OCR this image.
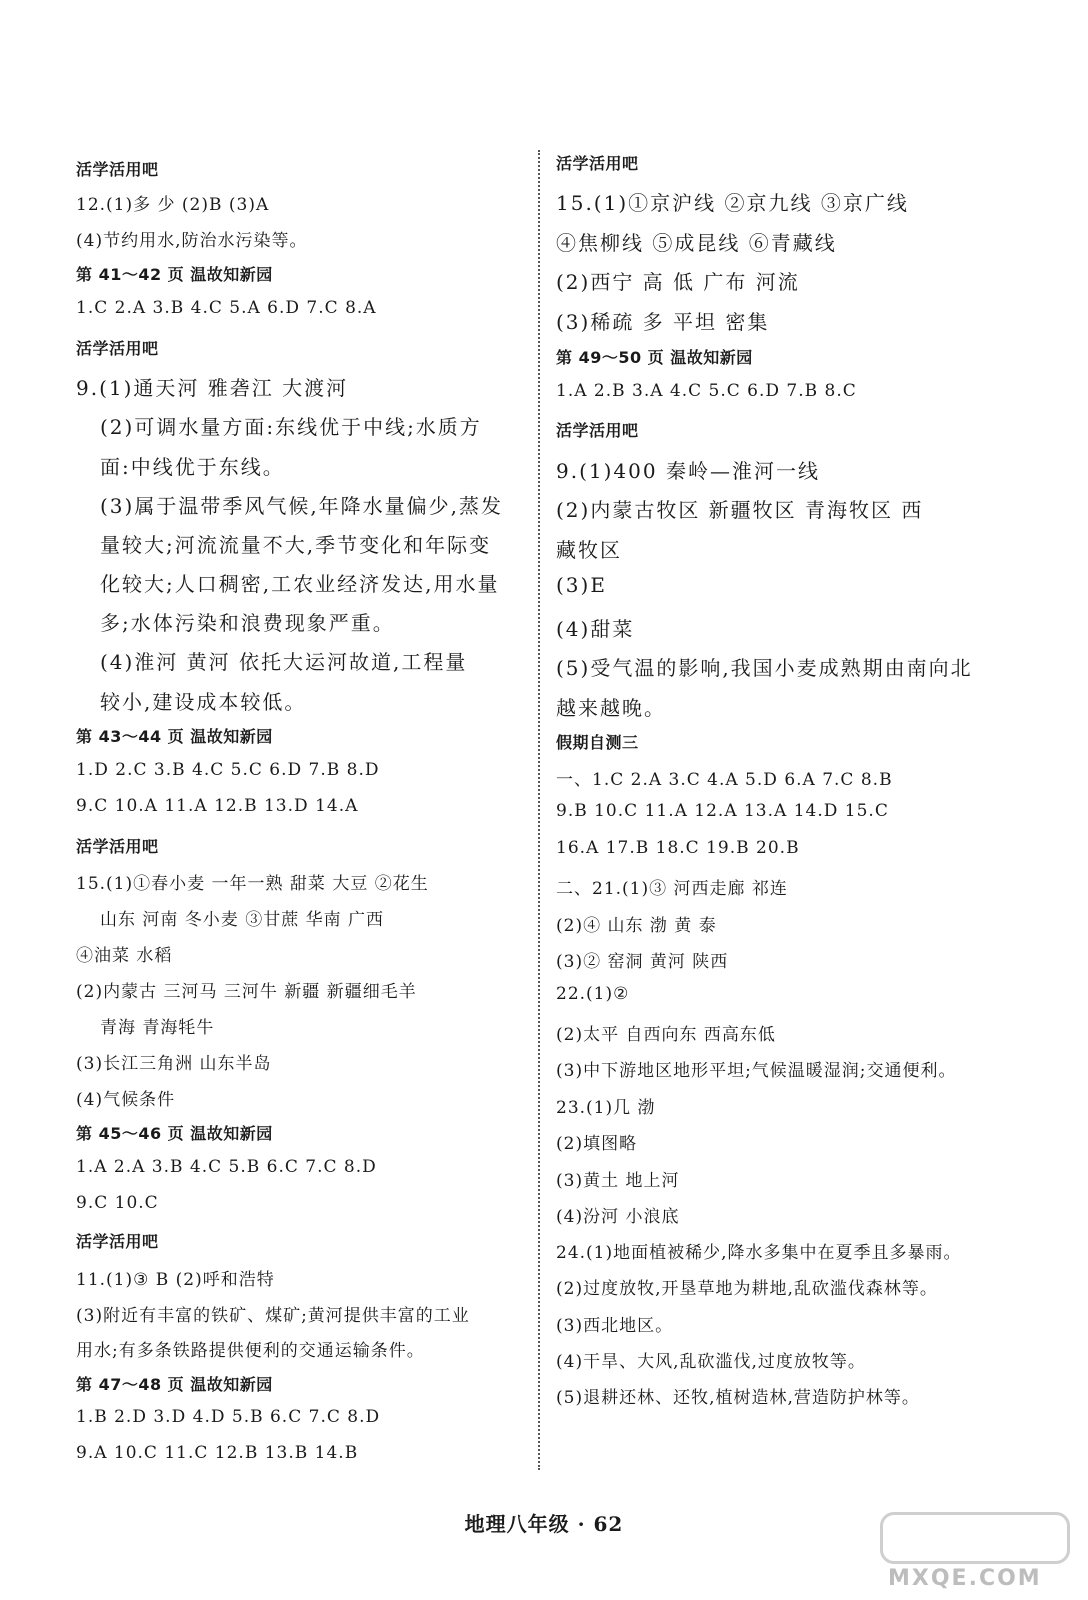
活学活用吧
12.(1)多 少 (2)B (3)A
(4)节约用水,防治水污染等。
第 41～42 页 温故知新园
1.C 2.A 3.B 4.C 5.A 6.D 7.C 8.A
活学活用吧
9.(1)通天河 雅砻江 大渡河
(2)可调水量方面:东线优于中线;水质方
面:中线优于东线。
(3)属于温带季风气候,年降水量偏少,蒸发
量较大;河流流量不大,季节变化和年际变
化较大;人口稠密,工农业经济发达,用水量
多;水体污染和浪费现象严重。
(4)淮河 黄河 依托大运河故道,工程量
较小,建设成本较低。
第 43～44 页 温故知新园
1.D 2.C 3.B 4.C 5.C 6.D 7.B 8.D
9.C 10.A 11.A 12.B 13.D 14.A
活学活用吧
15.(1)①春小麦 一年一熟 甜菜 大豆 ②花生
山东 河南 冬小麦 ③甘蔗 华南 广西
④油菜 水稻
(2)内蒙古 三河马 三河牛 新疆 新疆细毛羊
青海 青海牦牛
(3)长江三角洲 山东半岛
(4)气候条件
第 45～46 页 温故知新园
1.A 2.A 3.B 4.C 5.B 6.C 7.C 8.D
9.C 10.C
活学活用吧
11.(1)③ B (2)呼和浩特
(3)附近有丰富的铁矿、煤矿;黄河提供丰富的工业
用水;有多条铁路提供便利的交通运输条件。
第 47～48 页 温故知新园
1.B 2.D 3.D 4.D 5.B 6.C 7.C 8.D
9.A 10.C 11.C 12.B 13.B 14.B
活学活用吧
15.(1)①京沪线 ②京九线 ③京广线
④焦柳线 ⑤成昆线 ⑥青藏线
(2)西宁 高 低 广布 河流
(3)稀疏 多 平坦 密集
第 49～50 页 温故知新园
1.A 2.B 3.A 4.C 5.C 6.D 7.B 8.C
活学活用吧
9.(1)400 秦岭—淮河一线
(2)内蒙古牧区 新疆牧区 青海牧区 西
藏牧区
(3)E
(4)甜菜
(5)受气温的影响,我国小麦成熟期由南向北
越来越晚。
假期自测三
一、1.C 2.A 3.C 4.A 5.D 6.A 7.C 8.B
9.B 10.C 11.A 12.A 13.A 14.D 15.C
16.A 17.B 18.C 19.B 20.B
二、21.(1)③ 河西走廊 祁连
(2)④ 山东 渤 黄 泰
(3)② 窑洞 黄河 陕西
22.(1)②
(2)太平 自西向东 西高东低
(3)中下游地区地形平坦;气候温暖湿润;交通便利。
23.(1)几 渤
(2)填图略
(3)黄土 地上河
(4)汾河 小浪底
24.(1)地面植被稀少,降水多集中在夏季且多暴雨。
(2)过度放牧,开垦草地为耕地,乱砍滥伐森林等。
(3)西北地区。
(4)干旱、大风,乱砍滥伐,过度放牧等。
(5)退耕还林、还牧,植树造林,营造防护林等。
地理八年级 · 62
MXQE.COM
